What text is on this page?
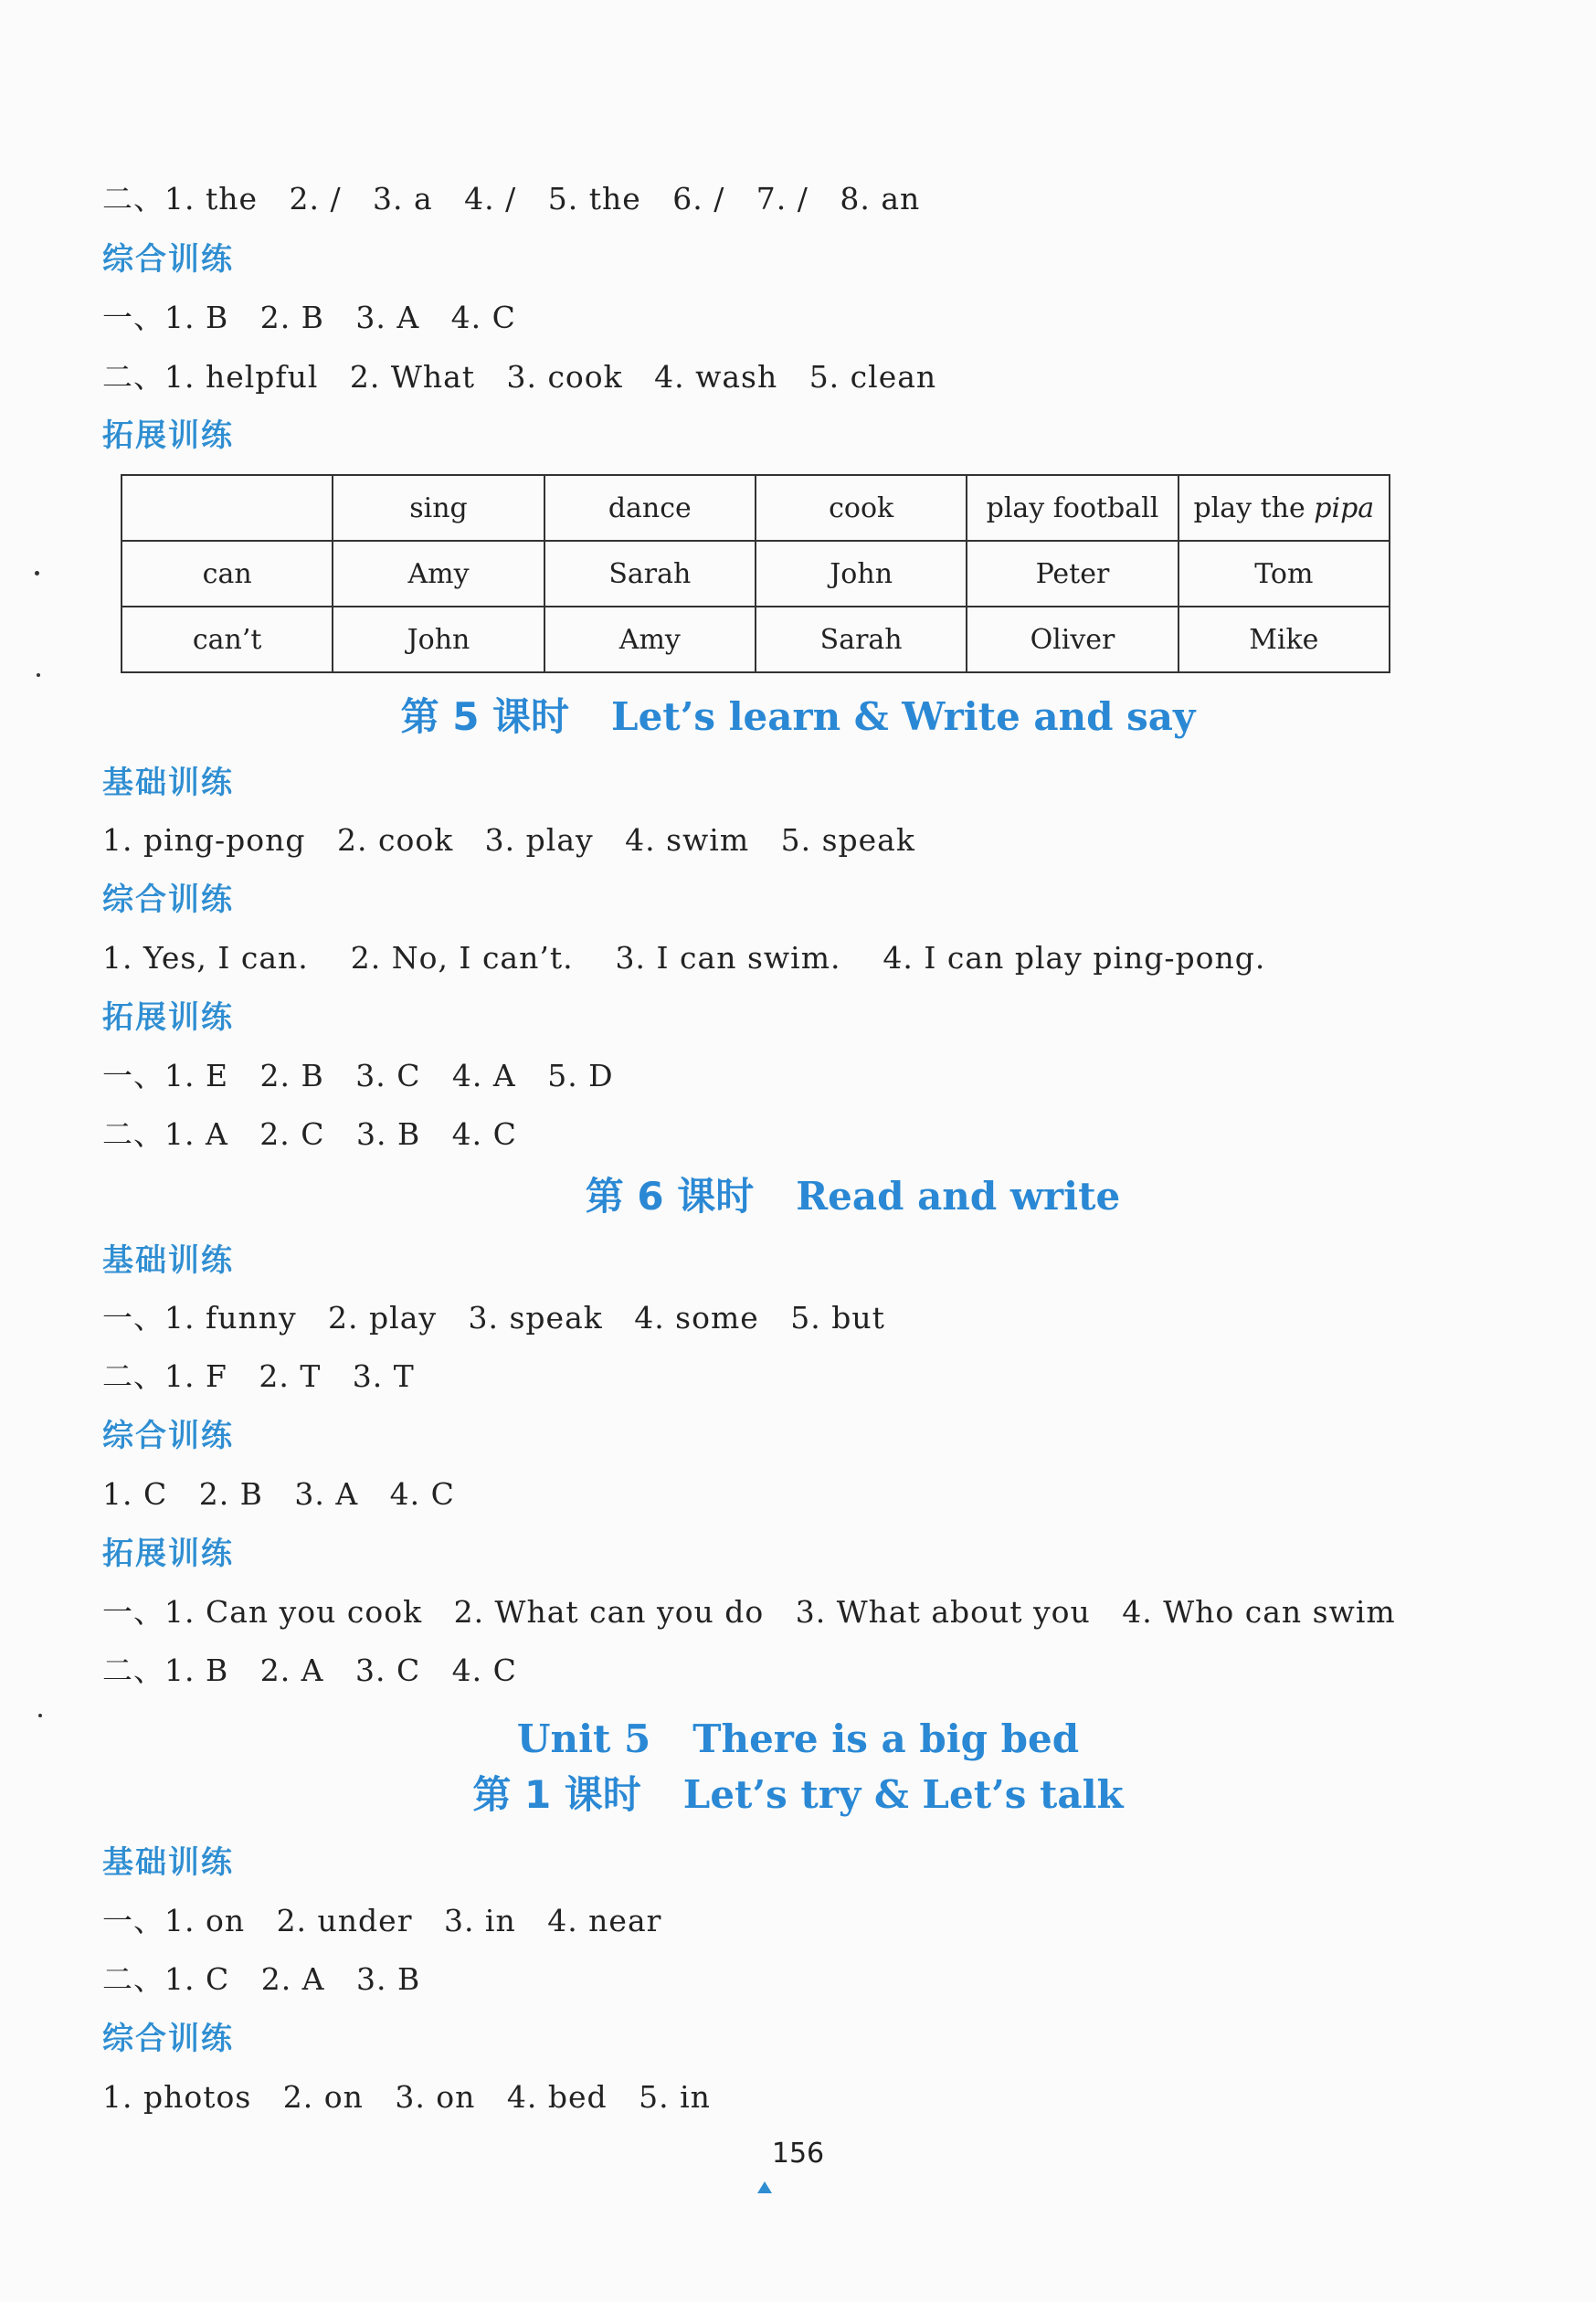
二、1. the   2. ∕   3. a   4. ∕   5. the   6. ∕   7. ∕   8. an
综合训练
一、1. B   2. B   3. A   4. C
二、1. helpful   2. What   3. cook   4. wash   5. clean
拓展训练
	sing	dance	cook	play football	play the pipa
can	Amy	Sarah	John	Peter	Tom
can’t	John	Amy	Sarah	Oliver	Mike
第 5 课时 Let’s learn & Write and say
基础训练
1. ping-pong   2. cook   3. play   4. swim   5. speak
综合训练
1. Yes, I can.    2. No, I can’t.    3. I can swim.    4. I can play ping-pong.
拓展训练
一、1. E   2. B   3. C   4. A   5. D
二、1. A   2. C   3. B   4. C
第 6 课时 Read and write
基础训练
一、1. funny   2. play   3. speak   4. some   5. but
二、1. F   2. T   3. T
综合训练
1. C   2. B   3. A   4. C
拓展训练
一、1. Can you cook   2. What can you do   3. What about you   4. Who can swim
二、1. B   2. A   3. C   4. C
Unit 5 There is a big bed
第 1 课时 Let’s try & Let’s talk
基础训练
一、1. on   2. under   3. in   4. near
二、1. C   2. A   3. B
综合训练
1. photos   2. on   3. on   4. bed   5. in
156
